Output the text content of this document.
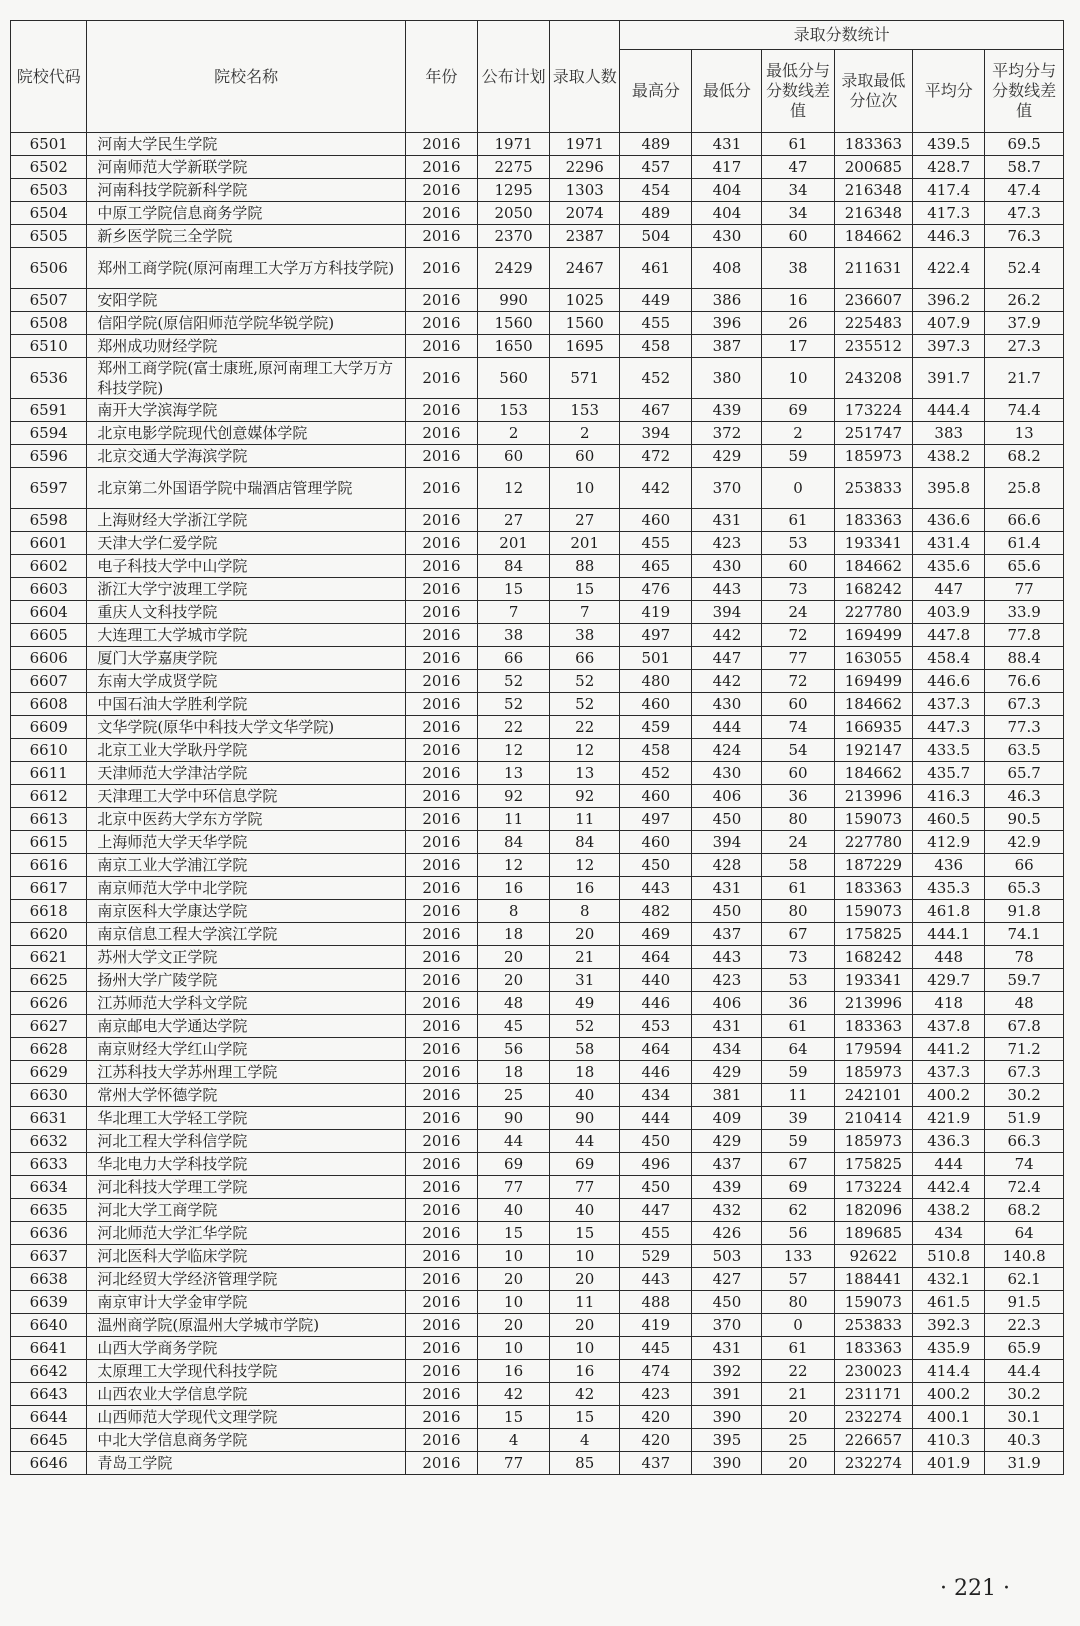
院校代码	院校名称	年份	公布计划	录取人数	录取分数统计					
					最高分	最低分	最低分与分数线差值	录取最低分位次	平均分	平均分与分数线差值
6501	河南大学民生学院	2016	1971	1971	489	431	61	183363	439.5	69.5
6502	河南师范大学新联学院	2016	2275	2296	457	417	47	200685	428.7	58.7
6503	河南科技学院新科学院	2016	1295	1303	454	404	34	216348	417.4	47.4
6504	中原工学院信息商务学院	2016	2050	2074	489	404	34	216348	417.3	47.3
6505	新乡医学院三全学院	2016	2370	2387	504	430	60	184662	446.3	76.3
6506	郑州工商学院(原河南理工大学万方科技学院)	2016	2429	2467	461	408	38	211631	422.4	52.4
6507	安阳学院	2016	990	1025	449	386	16	236607	396.2	26.2
6508	信阳学院(原信阳师范学院华锐学院)	2016	1560	1560	455	396	26	225483	407.9	37.9
6510	郑州成功财经学院	2016	1650	1695	458	387	17	235512	397.3	27.3
6536	郑州工商学院(富士康班,原河南理工大学万方科技学院)	2016	560	571	452	380	10	243208	391.7	21.7
6591	南开大学滨海学院	2016	153	153	467	439	69	173224	444.4	74.4
6594	北京电影学院现代创意媒体学院	2016	2	2	394	372	2	251747	383	13
6596	北京交通大学海滨学院	2016	60	60	472	429	59	185973	438.2	68.2
6597	北京第二外国语学院中瑞酒店管理学院	2016	12	10	442	370	0	253833	395.8	25.8
6598	上海财经大学浙江学院	2016	27	27	460	431	61	183363	436.6	66.6
6601	天津大学仁爱学院	2016	201	201	455	423	53	193341	431.4	61.4
6602	电子科技大学中山学院	2016	84	88	465	430	60	184662	435.6	65.6
6603	浙江大学宁波理工学院	2016	15	15	476	443	73	168242	447	77
6604	重庆人文科技学院	2016	7	7	419	394	24	227780	403.9	33.9
6605	大连理工大学城市学院	2016	38	38	497	442	72	169499	447.8	77.8
6606	厦门大学嘉庚学院	2016	66	66	501	447	77	163055	458.4	88.4
6607	东南大学成贤学院	2016	52	52	480	442	72	169499	446.6	76.6
6608	中国石油大学胜利学院	2016	52	52	460	430	60	184662	437.3	67.3
6609	文华学院(原华中科技大学文华学院)	2016	22	22	459	444	74	166935	447.3	77.3
6610	北京工业大学耿丹学院	2016	12	12	458	424	54	192147	433.5	63.5
6611	天津师范大学津沽学院	2016	13	13	452	430	60	184662	435.7	65.7
6612	天津理工大学中环信息学院	2016	92	92	460	406	36	213996	416.3	46.3
6613	北京中医药大学东方学院	2016	11	11	497	450	80	159073	460.5	90.5
6615	上海师范大学天华学院	2016	84	84	460	394	24	227780	412.9	42.9
6616	南京工业大学浦江学院	2016	12	12	450	428	58	187229	436	66
6617	南京师范大学中北学院	2016	16	16	443	431	61	183363	435.3	65.3
6618	南京医科大学康达学院	2016	8	8	482	450	80	159073	461.8	91.8
6620	南京信息工程大学滨江学院	2016	18	20	469	437	67	175825	444.1	74.1
6621	苏州大学文正学院	2016	20	21	464	443	73	168242	448	78
6625	扬州大学广陵学院	2016	20	31	440	423	53	193341	429.7	59.7
6626	江苏师范大学科文学院	2016	48	49	446	406	36	213996	418	48
6627	南京邮电大学通达学院	2016	45	52	453	431	61	183363	437.8	67.8
6628	南京财经大学红山学院	2016	56	58	464	434	64	179594	441.2	71.2
6629	江苏科技大学苏州理工学院	2016	18	18	446	429	59	185973	437.3	67.3
6630	常州大学怀德学院	2016	25	40	434	381	11	242101	400.2	30.2
6631	华北理工大学轻工学院	2016	90	90	444	409	39	210414	421.9	51.9
6632	河北工程大学科信学院	2016	44	44	450	429	59	185973	436.3	66.3
6633	华北电力大学科技学院	2016	69	69	496	437	67	175825	444	74
6634	河北科技大学理工学院	2016	77	77	450	439	69	173224	442.4	72.4
6635	河北大学工商学院	2016	40	40	447	432	62	182096	438.2	68.2
6636	河北师范大学汇华学院	2016	15	15	455	426	56	189685	434	64
6637	河北医科大学临床学院	2016	10	10	529	503	133	92622	510.8	140.8
6638	河北经贸大学经济管理学院	2016	20	20	443	427	57	188441	432.1	62.1
6639	南京审计大学金审学院	2016	10	11	488	450	80	159073	461.5	91.5
6640	温州商学院(原温州大学城市学院)	2016	20	20	419	370	0	253833	392.3	22.3
6641	山西大学商务学院	2016	10	10	445	431	61	183363	435.9	65.9
6642	太原理工大学现代科技学院	2016	16	16	474	392	22	230023	414.4	44.4
6643	山西农业大学信息学院	2016	42	42	423	391	21	231171	400.2	30.2
6644	山西师范大学现代文理学院	2016	15	15	420	390	20	232274	400.1	30.1
6645	中北大学信息商务学院	2016	4	4	420	395	25	226657	410.3	40.3
6646	青岛工学院	2016	77	85	437	390	20	232274	401.9	31.9
· 221 ·
